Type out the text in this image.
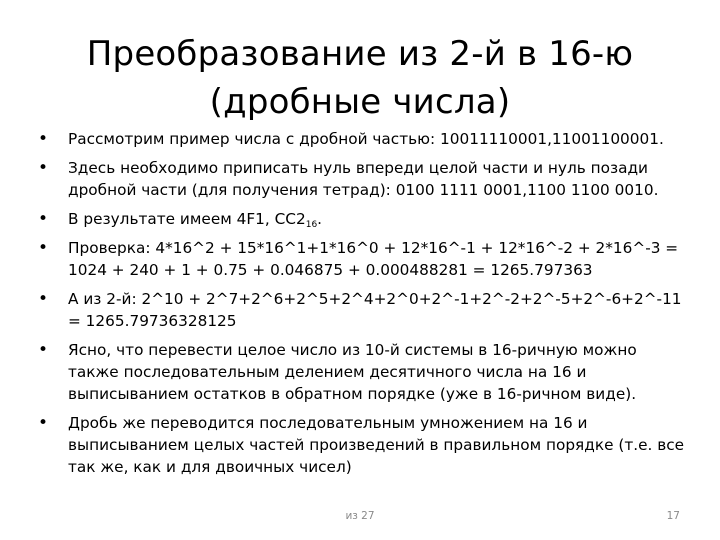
Преобразование из 2-й в 16-ю
(дробные числа)
• Рассмотрим пример числа с дробной частью: 10011110001,11001100001.
• Здесь необходимо приписать нуль впереди целой части и нуль позади дробной части (для получения тетрад): 0100 1111 0001,1100 1100 0010.
• В результате имеем 4F1, $CC2_{16}$.
• Проверка: 4*16^2 + 15*16^1+1*16^0 + 12*16^-1 + 12*16^-2 + 2*16^-3 = 1024 + 240 + 1 + 0.75 + 0.046875 + 0.000488281 = 1265.797363
• А из 2-й: 2^10 + 2^7+2^6+2^5+2^4+2^0+2^-1+2^-2+2^-5+2^-6+2^-11 = 1265.79736328125
• Ясно, что перевести целое число из 10-й системы в 16-ричную можно также последовательным делением десятичного числа на 16 и выписыванием остатков в обратном порядке (уже в 16-ричном виде).
• Дробь же переводится последовательным умножением на 16 и выписыванием целых частей произведений в правильном порядке (т.е. все так же, как и для двоичных чисел)
из 27	17
